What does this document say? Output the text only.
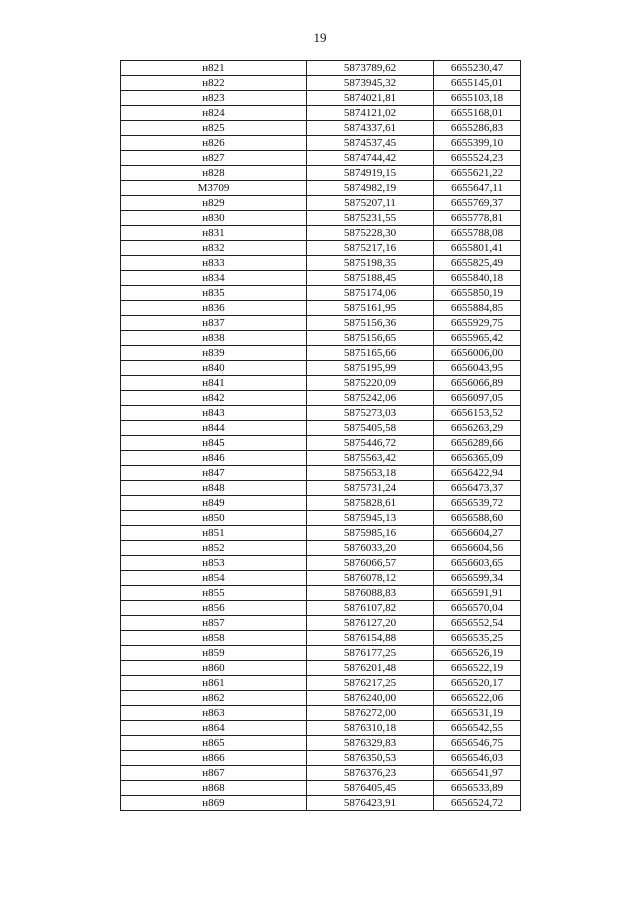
19
н821	5873789,62	6655230,47
н822	5873945,32	6655145,01
н823	5874021,81	6655103,18
н824	5874121,02	6655168,01
н825	5874337,61	6655286,83
н826	5874537,45	6655399,10
н827	5874744,42	6655524,23
н828	5874919,15	6655621,22
М3709	5874982,19	6655647,11
н829	5875207,11	6655769,37
н830	5875231,55	6655778,81
н831	5875228,30	6655788,08
н832	5875217,16	6655801,41
н833	5875198,35	6655825,49
н834	5875188,45	6655840,18
н835	5875174,06	6655850,19
н836	5875161,95	6655884,85
н837	5875156,36	6655929,75
н838	5875156,65	6655965,42
н839	5875165,66	6656006,00
н840	5875195,99	6656043,95
н841	5875220,09	6656066,89
н842	5875242,06	6656097,05
н843	5875273,03	6656153,52
н844	5875405,58	6656263,29
н845	5875446,72	6656289,66
н846	5875563,42	6656365,09
н847	5875653,18	6656422,94
н848	5875731,24	6656473,37
н849	5875828,61	6656539,72
н850	5875945,13	6656588,60
н851	5875985,16	6656604,27
н852	5876033,20	6656604,56
н853	5876066,57	6656603,65
н854	5876078,12	6656599,34
н855	5876088,83	6656591,91
н856	5876107,82	6656570,04
н857	5876127,20	6656552,54
н858	5876154,88	6656535,25
н859	5876177,25	6656526,19
н860	5876201,48	6656522,19
н861	5876217,25	6656520,17
н862	5876240,00	6656522,06
н863	5876272,00	6656531,19
н864	5876310,18	6656542,55
н865	5876329,83	6656546,75
н866	5876350,53	6656546,03
н867	5876376,23	6656541,97
н868	5876405,45	6656533,89
н869	5876423,91	6656524,72
